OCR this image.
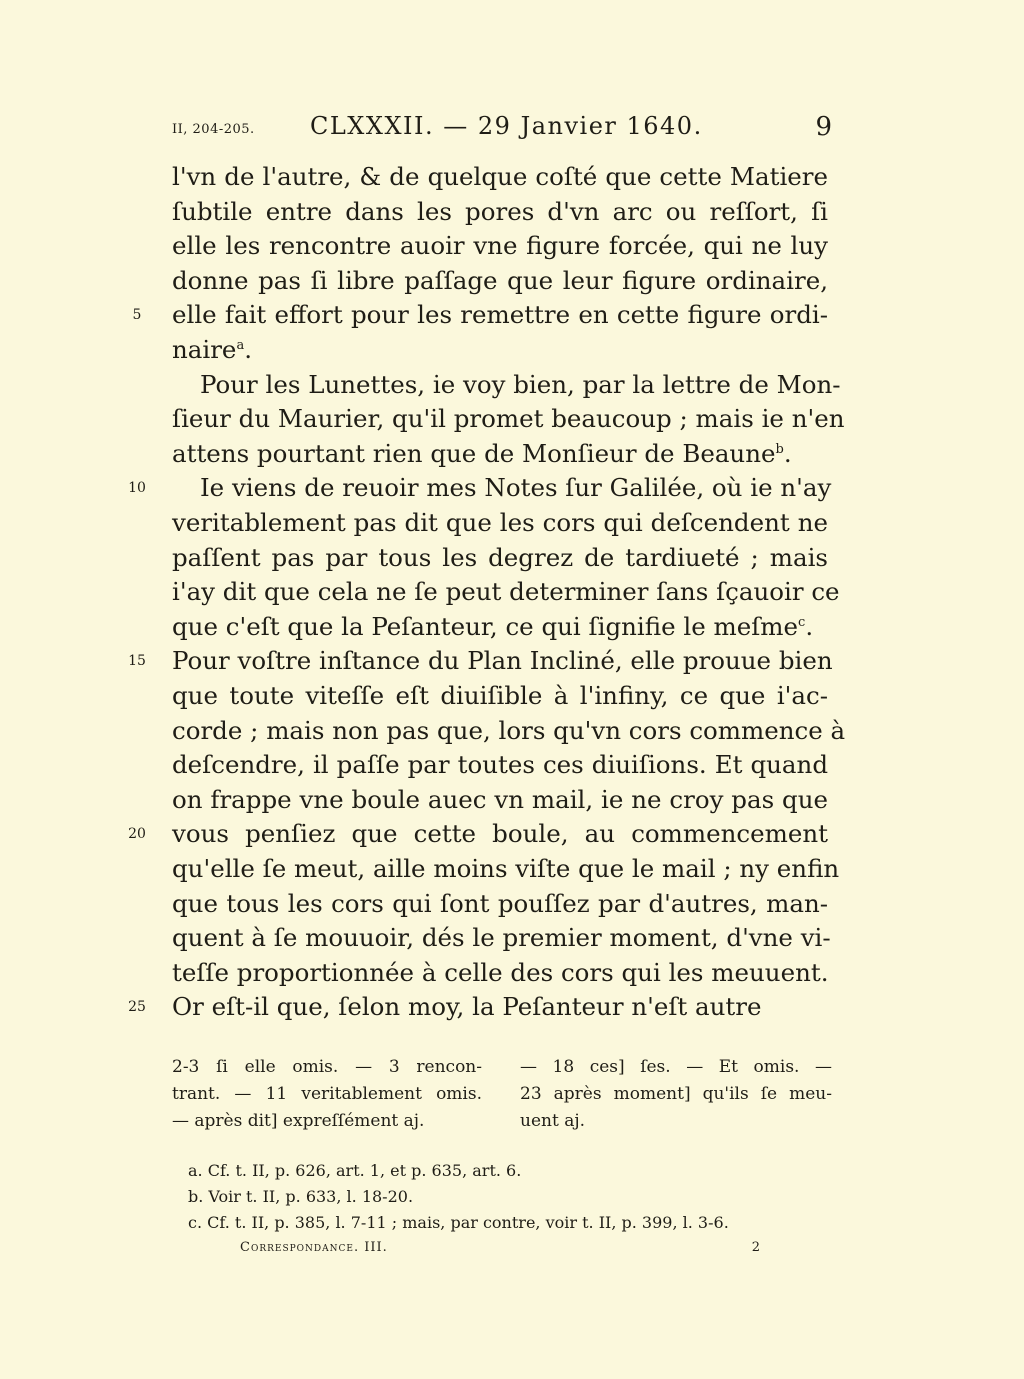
II, 204-205. CLXXXII. — 29 Janvier 1640.	9
l'vn de l'autre, & de quelque coſté que cette Matiere
ſubtile entre dans les pores d'vn arc ou reſſort, ſi
elle les rencontre auoir vne figure forcée, qui ne luy
donne pas ſi libre paſſage que leur figure ordinaire,
elle fait effort pour les remettre en cette figure ordi-
5
naire$^a$.
Pour les Lunettes, ie voy bien, par la lettre de Mon-
ſieur du Maurier, qu'il promet beaucoup ; mais ie n'en
attens pourtant rien que de Monſieur de Beaune$^b$.
Ie viens de reuoir mes Notes ſur Galilée, où ie n'ay
10
veritablement pas dit que les cors qui deſcendent ne
paſſent pas par tous les degrez de tardiueté ; mais
i'ay dit que cela ne ſe peut determiner ſans ſçauoir ce
que c'eſt que la Peſanteur, ce qui ſignifie le meſme$^c$.
Pour voſtre inſtance du Plan Incliné, elle prouue bien
15
que toute viteſſe eſt diuiſible à l'infiny, ce que i'ac-
corde ; mais non pas que, lors qu'vn cors commence à
deſcendre, il paſſe par toutes ces diuiſions. Et quand
on frappe vne boule auec vn mail, ie ne croy pas que
vous penſiez que cette boule, au commencement
20
qu'elle ſe meut, aille moins viſte que le mail ; ny enfin
que tous les cors qui ſont pouſſez par d'autres, man-
quent à ſe mouuoir, dés le premier moment, d'vne vi-
teſſe proportionnée à celle des cors qui les meuuent.
Or eſt-il que, ſelon moy, la Peſanteur n'eſt autre
25
2-3 ſi elle omis. — 3 rencon-
trant. — 11 veritablement omis.
— après dit] expreſſément aj.
— 18 ces] ſes. — Et omis. —
23 après moment] qu'ils ſe meu-
uent aj.
a. Cf. t. II, p. 626, art. 1, et p. 635, art. 6.
b. Voir t. II, p. 633, l. 18-20.
c. Cf. t. II, p. 385, l. 7-11 ; mais, par contre, voir t. II, p. 399, l. 3-6.
Correspondance. III.	2
